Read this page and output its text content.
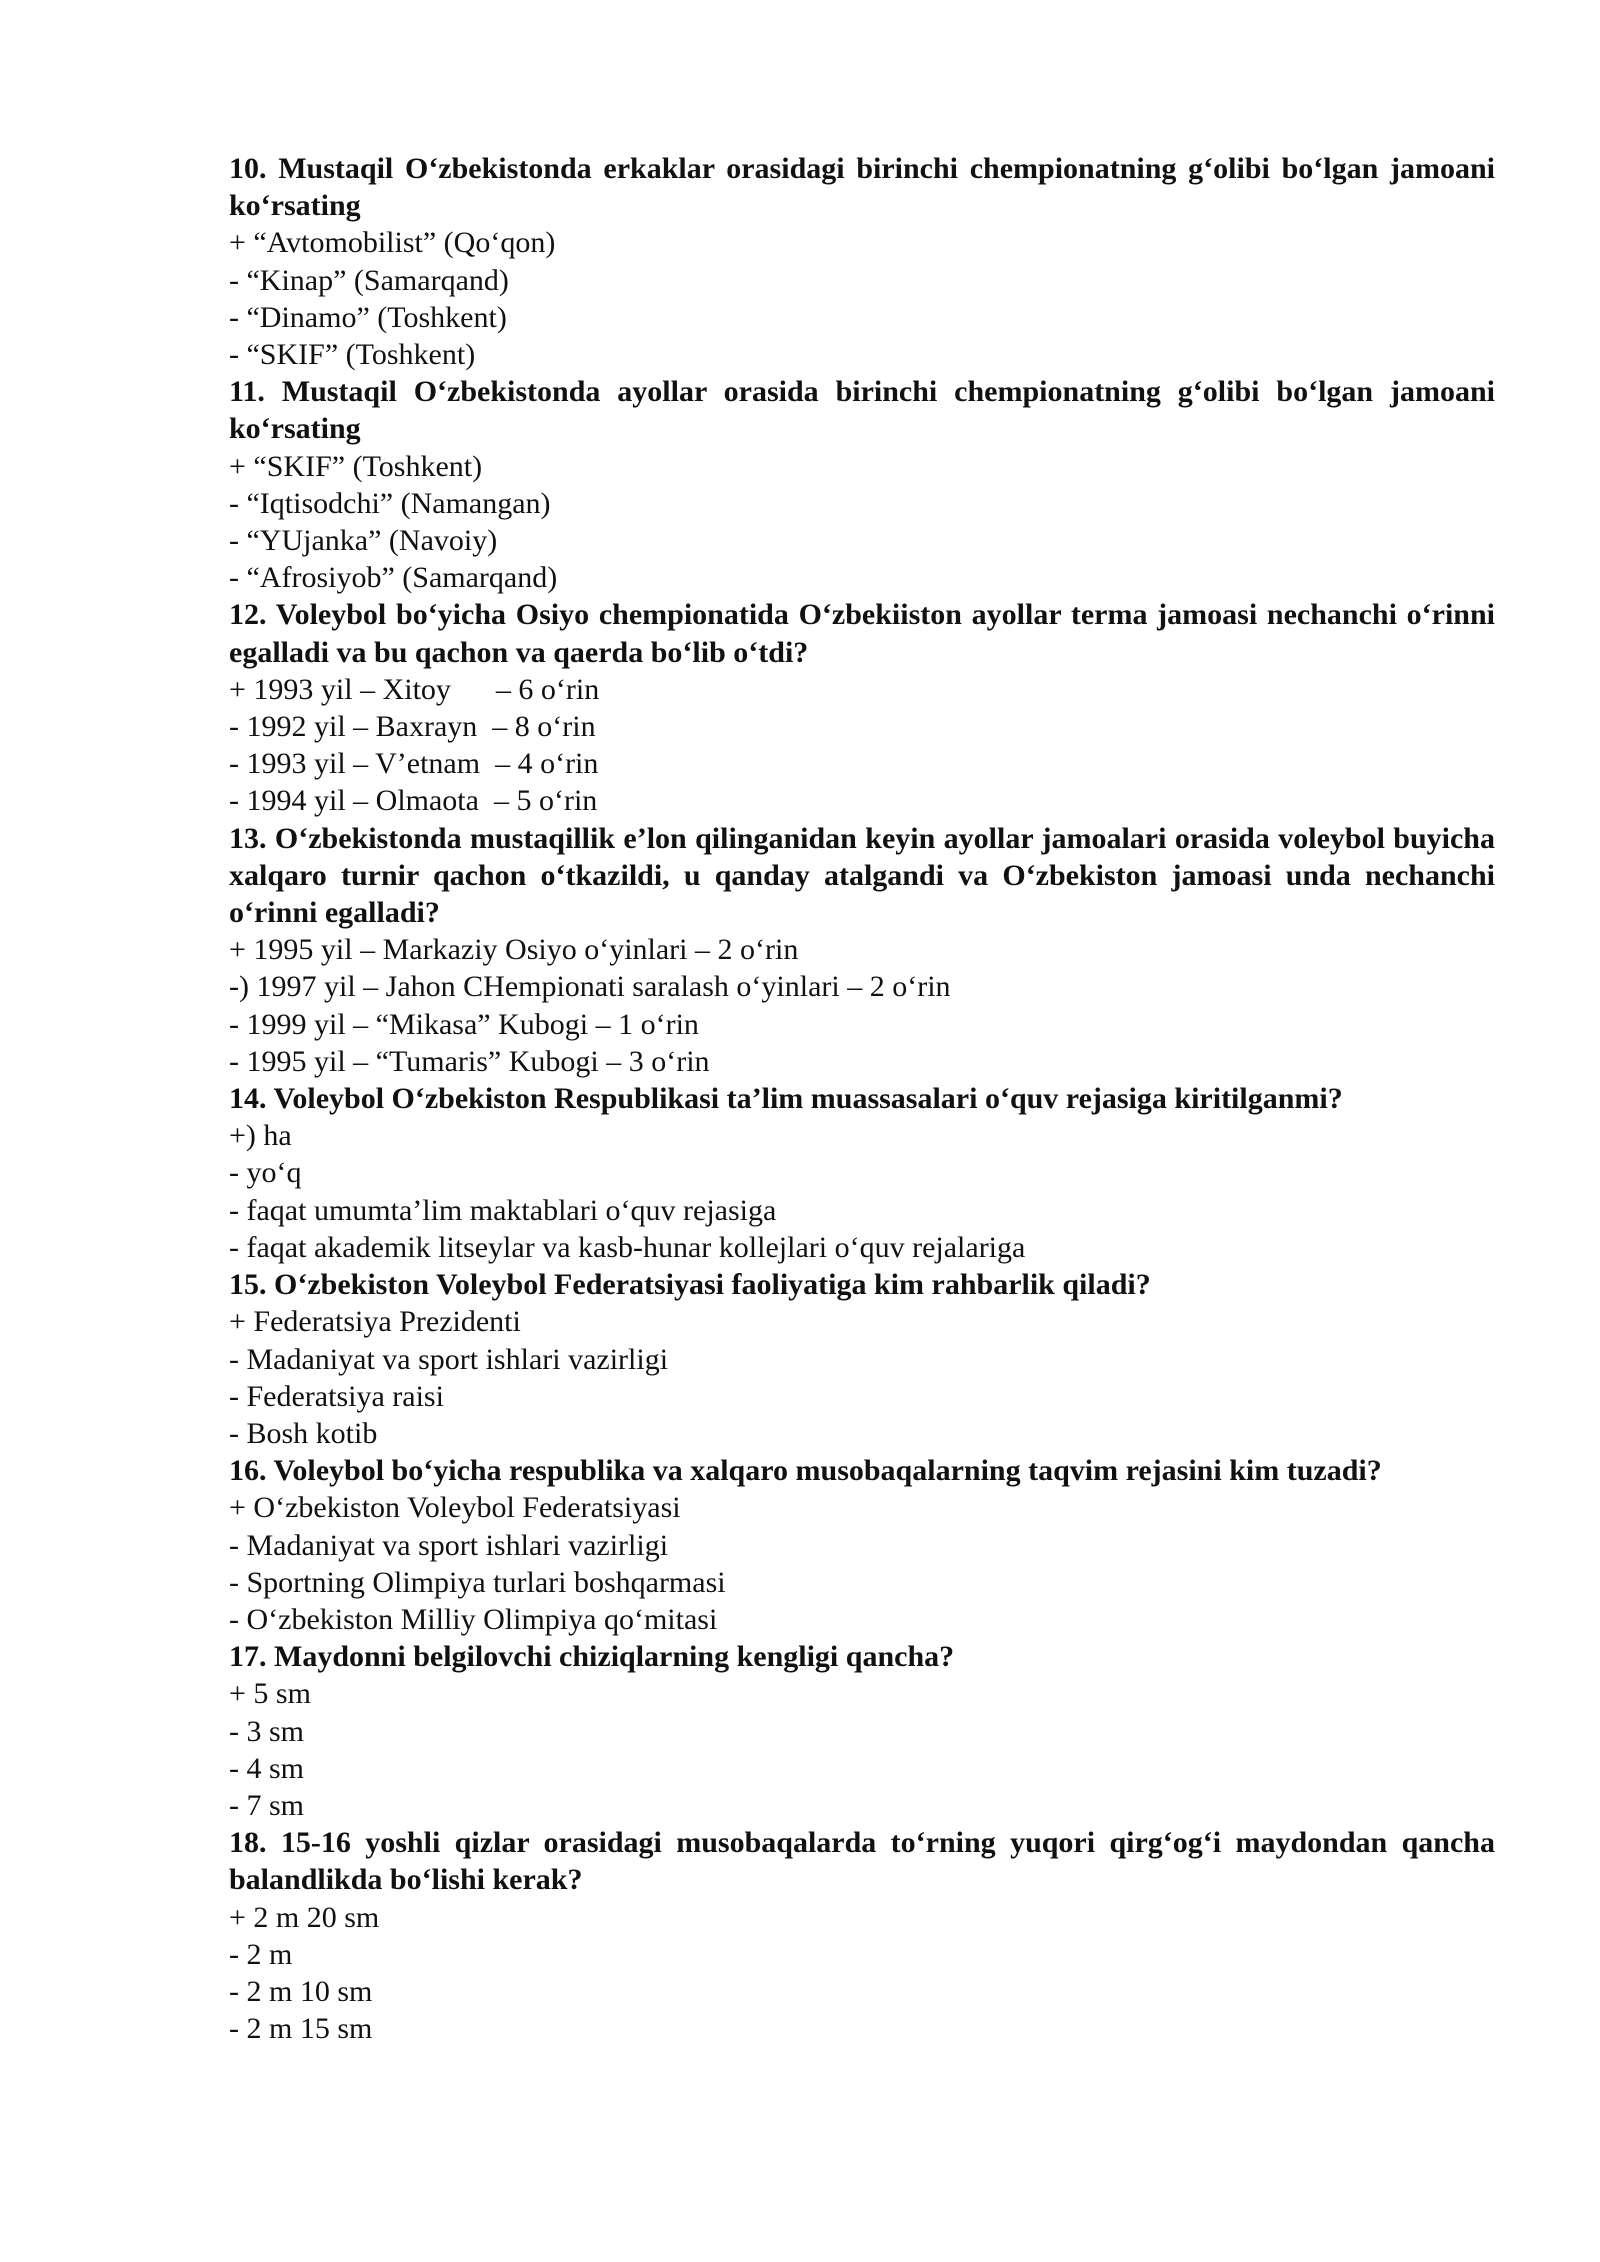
10. Mustaqil O‘zbekistonda erkaklar orasidagi birinchi chempionatning g‘olibi bo‘lgan jamoani ko‘rsating

+ “Avtomobilist” (Qo‘qon)

- “Kinap” (Samarqand)

- “Dinamo” (Toshkent)

- “SKIF” (Toshkent)

11. Mustaqil O‘zbekistonda ayollar orasida birinchi chempionatning g‘olibi bo‘lgan jamoani ko‘rsating

+ “SKIF” (Toshkent)

- “Iqtisodchi” (Namangan)

- “YUjanka” (Navoiy)

- “Afrosiyob” (Samarqand)

12. Voleybol bo‘yicha Osiyo chempionatida O‘zbekiiston ayollar terma jamoasi nechanchi o‘rinni egalladi va bu qachon va qaerda bo‘lib o‘tdi?

+ 1993 yil – Xitoy      – 6 o‘rin

- 1992 yil – Baxrayn  – 8 o‘rin

- 1993 yil – V’etnam  – 4 o‘rin

- 1994 yil – Olmaota  – 5 o‘rin

13. O‘zbekistonda mustaqillik e’lon qilinganidan keyin ayollar jamoalari orasida voleybol buyicha xalqaro turnir qachon o‘tkazildi, u qanday atalgandi va O‘zbekiston jamoasi unda nechanchi o‘rinni egalladi?

+ 1995 yil – Markaziy Osiyo o‘yinlari – 2 o‘rin

-) 1997 yil – Jahon CHempionati saralash o‘yinlari – 2 o‘rin

- 1999 yil – “Mikasa” Kubogi – 1 o‘rin

- 1995 yil – “Tumaris” Kubogi – 3 o‘rin

14. Voleybol O‘zbekiston Respublikasi ta’lim muassasalari o‘quv rejasiga kiritilganmi?

+) ha

- yo‘q

- faqat umumta’lim maktablari o‘quv rejasiga

- faqat akademik litseylar va kasb-hunar kollejlari o‘quv rejalariga

15. O‘zbekiston Voleybol Federatsiyasi faoliyatiga kim rahbarlik qiladi?

+ Federatsiya Prezidenti

- Madaniyat va sport ishlari vazirligi

- Federatsiya raisi

- Bosh kotib

16. Voleybol bo‘yicha respublika va xalqaro musobaqalarning taqvim rejasini kim tuzadi?

+ O‘zbekiston Voleybol Federatsiyasi

- Madaniyat va sport ishlari vazirligi

- Sportning Olimpiya turlari boshqarmasi

- O‘zbekiston Milliy Olimpiya qo‘mitasi

17. Maydonni belgilovchi chiziqlarning kengligi qancha?

+ 5 sm

- 3 sm

- 4 sm

- 7 sm

18. 15-16 yoshli qizlar orasidagi musobaqalarda to‘rning yuqori qirg‘og‘i maydondan qancha balandlikda bo‘lishi kerak?

+ 2 m 20 sm

- 2 m

- 2 m 10 sm

- 2 m 15 sm
